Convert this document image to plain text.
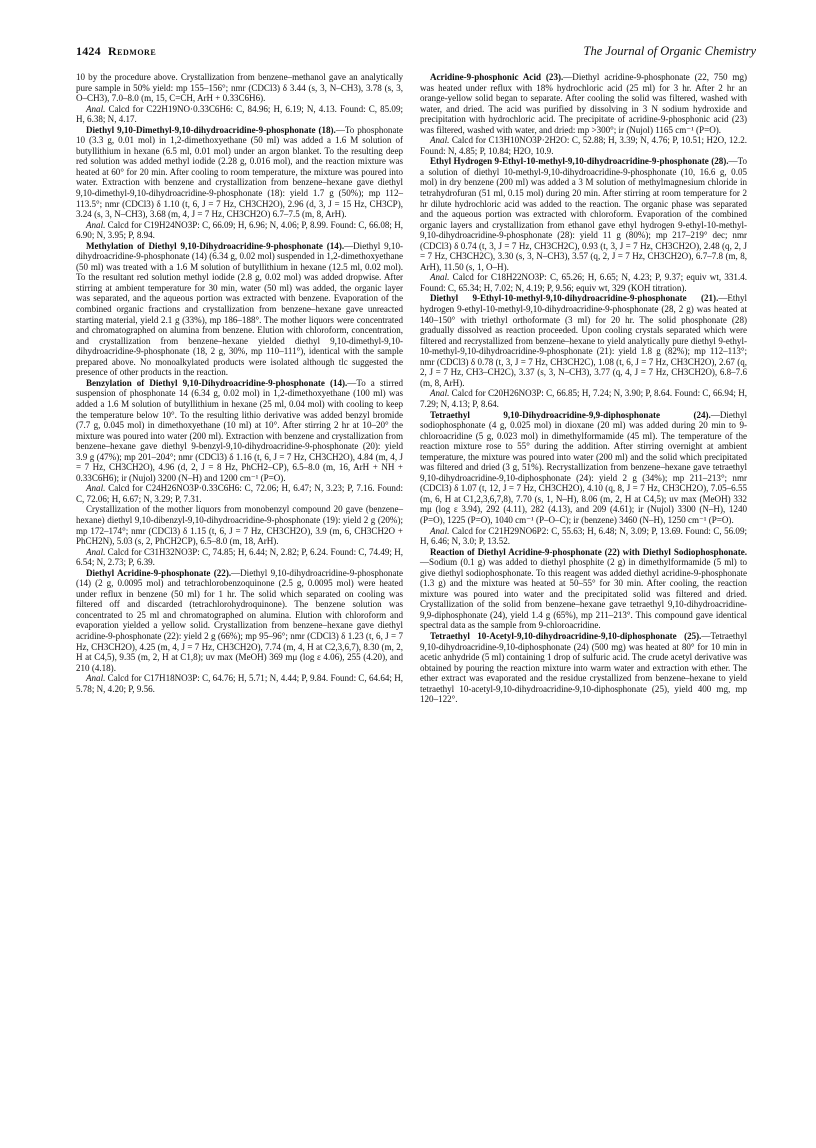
1424 Redmore	The Journal of Organic Chemistry

10 by the procedure above. Crystallization from benzene–methanol gave an analytically pure sample in 50% yield: mp 155–156°; nmr (CDCl3) δ 3.44 (s, 3, N–CH3), 3.78 (s, 3, O–CH3), 7.0–8.0 (m, 15, C=CH, ArH + 0.33C6H6).

Anal. Calcd for C22H19NO·0.33C6H6: C, 84.96; H, 6.19; N, 4.13. Found: C, 85.09; H, 6.38; N, 4.17.

Diethyl 9,10-Dimethyl-9,10-dihydroacridine-9-phosphonate (18).—To phosphonate 10 (3.3 g, 0.01 mol) in 1,2-dimethoxyethane (50 ml) was added a 1.6 M solution of butyllithium in hexane (6.5 ml, 0.01 mol) under an argon blanket. To the resulting deep red solution was added methyl iodide (2.28 g, 0.016 mol), and the reaction mixture was heated at 60° for 20 min. After cooling to room temperature, the mixture was poured into water. Extraction with benzene and crystallization from benzene–hexane gave diethyl 9,10-dimethyl-9,10-dihydroacridine-9-phosphonate (18): yield 1.7 g (50%); mp 112–113.5°; nmr (CDCl3) δ 1.10 (t, 6, J = 7 Hz, CH3CH2O), 2.96 (d, 3, J = 15 Hz, CH3CP), 3.24 (s, 3, N–CH3), 3.68 (m, 4, J = 7 Hz, CH3CH2O) 6.7–7.5 (m, 8, ArH).

Anal. Calcd for C19H24NO3P: C, 66.09; H, 6.96; N, 4.06; P, 8.99. Found: C, 66.08; H, 6.90; N, 3.95; P, 8.94.

Methylation of Diethyl 9,10-Dihydroacridine-9-phosphonate (14).—Diethyl 9,10-dihydroacridine-9-phosphonate (14) (6.34 g, 0.02 mol) suspended in 1,2-dimethoxyethane (50 ml) was treated with a 1.6 M solution of butyllithium in hexane (12.5 ml, 0.02 mol). To the resultant red solution methyl iodide (2.8 g, 0.02 mol) was added dropwise. After stirring at ambient temperature for 30 min, water (50 ml) was added, the organic layer was separated, and the aqueous portion was extracted with benzene. Evaporation of the combined organic fractions and crystallization from benzene–hexane gave unreacted starting material, yield 2.1 g (33%), mp 186–188°. The mother liquors were concentrated and chromatographed on alumina from benzene. Elution with chloroform, concentration, and crystallization from benzene–hexane yielded diethyl 9,10-dimethyl-9,10-dihydroacridine-9-phosphonate (18, 2 g, 30%, mp 110–111°), identical with the sample prepared above. No monoalkylated products were isolated although tlc suggested the presence of other products in the reaction.

Benzylation of Diethyl 9,10-Dihydroacridine-9-phosphonate (14).—To a stirred suspension of phosphonate 14 (6.34 g, 0.02 mol) in 1,2-dimethoxyethane (100 ml) was added a 1.6 M solution of butyllithium in hexane (25 ml, 0.04 mol) with cooling to keep the temperature below 10°. To the resulting lithio derivative was added benzyl bromide (7.7 g, 0.045 mol) in dimethoxyethane (10 ml) at 10°. After stirring 2 hr at 10–20° the mixture was poured into water (200 ml). Extraction with benzene and crystallization from benzene–hexane gave diethyl 9-benzyl-9,10-dihydroacridine-9-phosphonate (20): yield 3.9 g (47%); mp 201–204°; nmr (CDCl3) δ 1.16 (t, 6, J = 7 Hz, CH3CH2O), 4.84 (m, 4, J = 7 Hz, CH3CH2O), 4.96 (d, 2, J = 8 Hz, PhCH2–CP), 6.5–8.0 (m, 16, ArH + NH + 0.33C6H6); ir (Nujol) 3200 (N–H) and 1200 cm⁻¹ (P=O).

Anal. Calcd for C24H26NO3P·0.33C6H6: C, 72.06; H, 6.47; N, 3.23; P, 7.16. Found: C, 72.06; H, 6.67; N, 3.29; P, 7.31.

Crystallization of the mother liquors from monobenzyl compound 20 gave (benzene–hexane) diethyl 9,10-dibenzyl-9,10-dihydroacridine-9-phosphonate (19): yield 2 g (20%); mp 172–174°; nmr (CDCl3) δ 1.15 (t, 6, J = 7 Hz, CH3CH2O), 3.9 (m, 6, CH3CH2O + PhCH2N), 5.03 (s, 2, PhCH2CP), 6.5–8.0 (m, 18, ArH).

Anal. Calcd for C31H32NO3P: C, 74.85; H, 6.44; N, 2.82; P, 6.24. Found: C, 74.49; H, 6.54; N, 2.73; P, 6.39.

Diethyl Acridine-9-phosphonate (22).—Diethyl 9,10-dihydroacridine-9-phosphonate (14) (2 g, 0.0095 mol) and tetrachlorobenzoquinone (2.5 g, 0.0095 mol) were heated under reflux in benzene (50 ml) for 1 hr. The solid which separated on cooling was filtered off and discarded (tetrachlorohydroquinone). The benzene solution was concentrated to 25 ml and chromatographed on alumina. Elution with chloroform and evaporation yielded a yellow solid. Crystallization from benzene–hexane gave diethyl acridine-9-phosphonate (22): yield 2 g (66%); mp 95–96°; nmr (CDCl3) δ 1.23 (t, 6, J = 7 Hz, CH3CH2O), 4.25 (m, 4, J = 7 Hz, CH3CH2O), 7.74 (m, 4, H at C2,3,6,7), 8.30 (m, 2, H at C4,5), 9.35 (m, 2, H at C1,8); uv max (MeOH) 369 mμ (log ε 4.06), 255 (4.20), and 210 (4.18).

Anal. Calcd for C17H18NO3P: C, 64.76; H, 5.71; N, 4.44; P, 9.84. Found: C, 64.64; H, 5.78; N, 4.20; P, 9.56.

Acridine-9-phosphonic Acid (23).—Diethyl acridine-9-phosphonate (22, 750 mg) was heated under reflux with 18% hydrochloric acid (25 ml) for 3 hr. After 2 hr an orange-yellow solid began to separate. After cooling the solid was filtered, washed with water, and dried. The acid was purified by dissolving in 3 N sodium hydroxide and precipitation with hydrochloric acid. The precipitate of acridine-9-phosphonic acid (23) was filtered, washed with water, and dried: mp >300°; ir (Nujol) 1165 cm⁻¹ (P=O).

Anal. Calcd for C13H10NO3P·2H2O: C, 52.88; H, 3.39; N, 4.76; P, 10.51; H2O, 12.2. Found: N, 4.85; P, 10.84; H2O, 10.9.

Ethyl Hydrogen 9-Ethyl-10-methyl-9,10-dihydroacridine-9-phosphonate (28).—To a solution of diethyl 10-methyl-9,10-dihydroacridine-9-phosphonate (10, 16.6 g, 0.05 mol) in dry benzene (200 ml) was added a 3 M solution of methylmagnesium chloride in tetrahydrofuran (51 ml, 0.15 mol) during 20 min. After stirring at room temperature for 2 hr dilute hydrochloric acid was added to the reaction. The organic phase was separated and the aqueous portion was extracted with chloroform. Evaporation of the combined organic layers and crystallization from ethanol gave ethyl hydrogen 9-ethyl-10-methyl-9,10-dihydroacridine-9-phosphonate (28): yield 11 g (80%); mp 217–219° dec; nmr (CDCl3) δ 0.74 (t, 3, J = 7 Hz, CH3CH2C), 0.93 (t, 3, J = 7 Hz, CH3CH2O), 2.48 (q, 2, J = 7 Hz, CH3CH2C), 3.30 (s, 3, N–CH3), 3.57 (q, 2, J = 7 Hz, CH3CH2O), 6.7–7.8 (m, 8, ArH), 11.50 (s, 1, O–H).

Anal. Calcd for C18H22NO3P: C, 65.26; H, 6.65; N, 4.23; P, 9.37; equiv wt, 331.4. Found: C, 65.34; H, 7.02; N, 4.19; P, 9.56; equiv wt, 329 (KOH titration).

Diethyl 9-Ethyl-10-methyl-9,10-dihydroacridine-9-phosphonate (21).—Ethyl hydrogen 9-ethyl-10-methyl-9,10-dihydroacridine-9-phosphonate (28, 2 g) was heated at 140–150° with triethyl orthoformate (3 ml) for 20 hr. The solid phosphonate (28) gradually dissolved as reaction proceeded. Upon cooling crystals separated which were filtered and recrystallized from benzene–hexane to yield analytically pure diethyl 9-ethyl-10-methyl-9,10-dihydroacridine-9-phosphonate (21): yield 1.8 g (82%); mp 112–113°; nmr (CDCl3) δ 0.78 (t, 3, J = 7 Hz, CH3CH2C), 1.08 (t, 6, J = 7 Hz, CH3CH2O), 2.67 (q, 2, J = 7 Hz, CH3–CH2C), 3.37 (s, 3, N–CH3), 3.77 (q, 4, J = 7 Hz, CH3CH2O), 6.8–7.6 (m, 8, ArH).

Anal. Calcd for C20H26NO3P: C, 66.85; H, 7.24; N, 3.90; P, 8.64. Found: C, 66.94; H, 7.29; N, 4.13; P, 8.64.

Tetraethyl 9,10-Dihydroacridine-9,9-diphosphonate (24).—Diethyl sodiophosphonate (4 g, 0.025 mol) in dioxane (20 ml) was added during 20 min to 9-chloroacridine (5 g, 0.023 mol) in dimethylformamide (45 ml). The temperature of the reaction mixture rose to 55° during the addition. After stirring overnight at ambient temperature, the mixture was poured into water (200 ml) and the solid which precipitated was filtered and dried (3 g, 51%). Recrystallization from benzene–hexane gave tetraethyl 9,10-dihydroacridine-9,10-diphosphonate (24): yield 2 g (34%); mp 211–213°; nmr (CDCl3) δ 1.07 (t, 12, J = 7 Hz, CH3CH2O), 4.10 (q, 8, J = 7 Hz, CH3CH2O), 7.05–6.55 (m, 6, H at C1,2,3,6,7,8), 7.70 (s, 1, N–H), 8.06 (m, 2, H at C4,5); uv max (MeOH) 332 mμ (log ε 3.94), 292 (4.11), 282 (4.13), and 209 (4.61); ir (Nujol) 3300 (N–H), 1240 (P=O), 1225 (P=O), 1040 cm⁻¹ (P–O–C); ir (benzene) 3460 (N–H), 1250 cm⁻¹ (P=O).

Anal. Calcd for C21H29NO6P2: C, 55.63; H, 6.48; N, 3.09; P, 13.69. Found: C, 56.09; H, 6.46; N, 3.0; P, 13.52.

Reaction of Diethyl Acridine-9-phosphonate (22) with Diethyl Sodiophosphonate.—Sodium (0.1 g) was added to diethyl phosphite (2 g) in dimethylformamide (5 ml) to give diethyl sodiophosphonate. To this reagent was added diethyl acridine-9-phosphonate (1.3 g) and the mixture was heated at 50–55° for 30 min. After cooling, the reaction mixture was poured into water and the precipitated solid was filtered and dried. Crystallization of the solid from benzene–hexane gave tetraethyl 9,10-dihydroacridine-9,9-diphosphonate (24), yield 1.4 g (65%), mp 211–213°. This compound gave identical spectral data as the sample from 9-chloroacridine.

Tetraethyl 10-Acetyl-9,10-dihydroacridine-9,10-diphosphonate (25).—Tetraethyl 9,10-dihydroacridine-9,10-diphosphonate (24) (500 mg) was heated at 80° for 10 min in acetic anhydride (5 ml) containing 1 drop of sulfuric acid. The crude acetyl derivative was obtained by pouring the reaction mixture into warm water and extraction with ether. The ether extract was evaporated and the residue crystallized from benzene–hexane to yield tetraethyl 10-acetyl-9,10-dihydroacridine-9,10-diphosphonate (25), yield 400 mg, mp 120–122°.
